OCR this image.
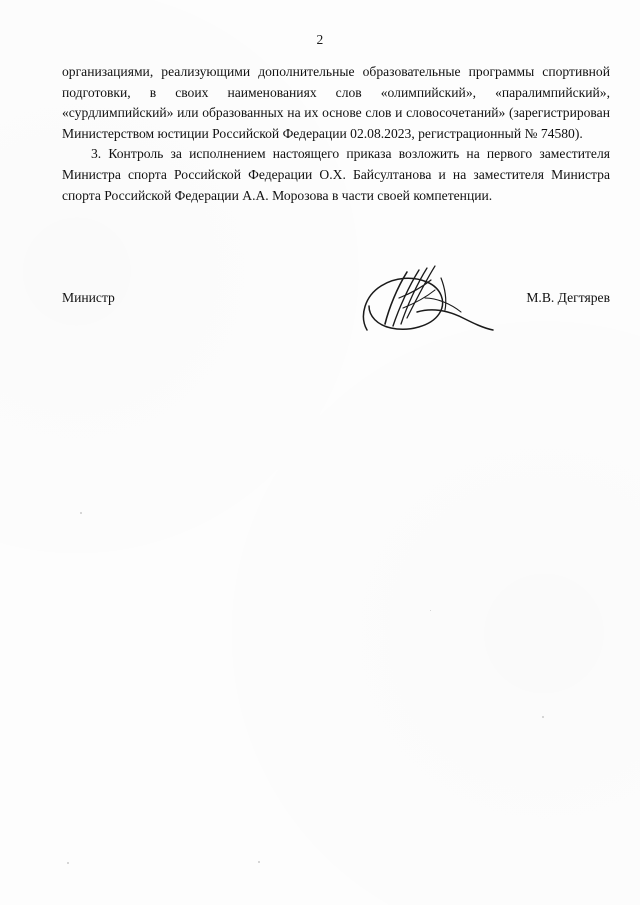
2

организациями, реализующими дополнительные образовательные программы спортивной подготовки, в своих наименованиях слов «олимпийский», «паралимпийский», «сурдлимпийский» или образованных на их основе слов и словосочетаний» (зарегистрирован Министерством юстиции Российской Федерации 02.08.2023, регистрационный № 74580).

3. Контроль за исполнением настоящего приказа возложить на первого заместителя Министра спорта Российской Федерации О.Х. Байсултанова и на заместителя Министра спорта Российской Федерации А.А. Морозова в части своей компетенции.

Министр	М.В. Дегтярев
